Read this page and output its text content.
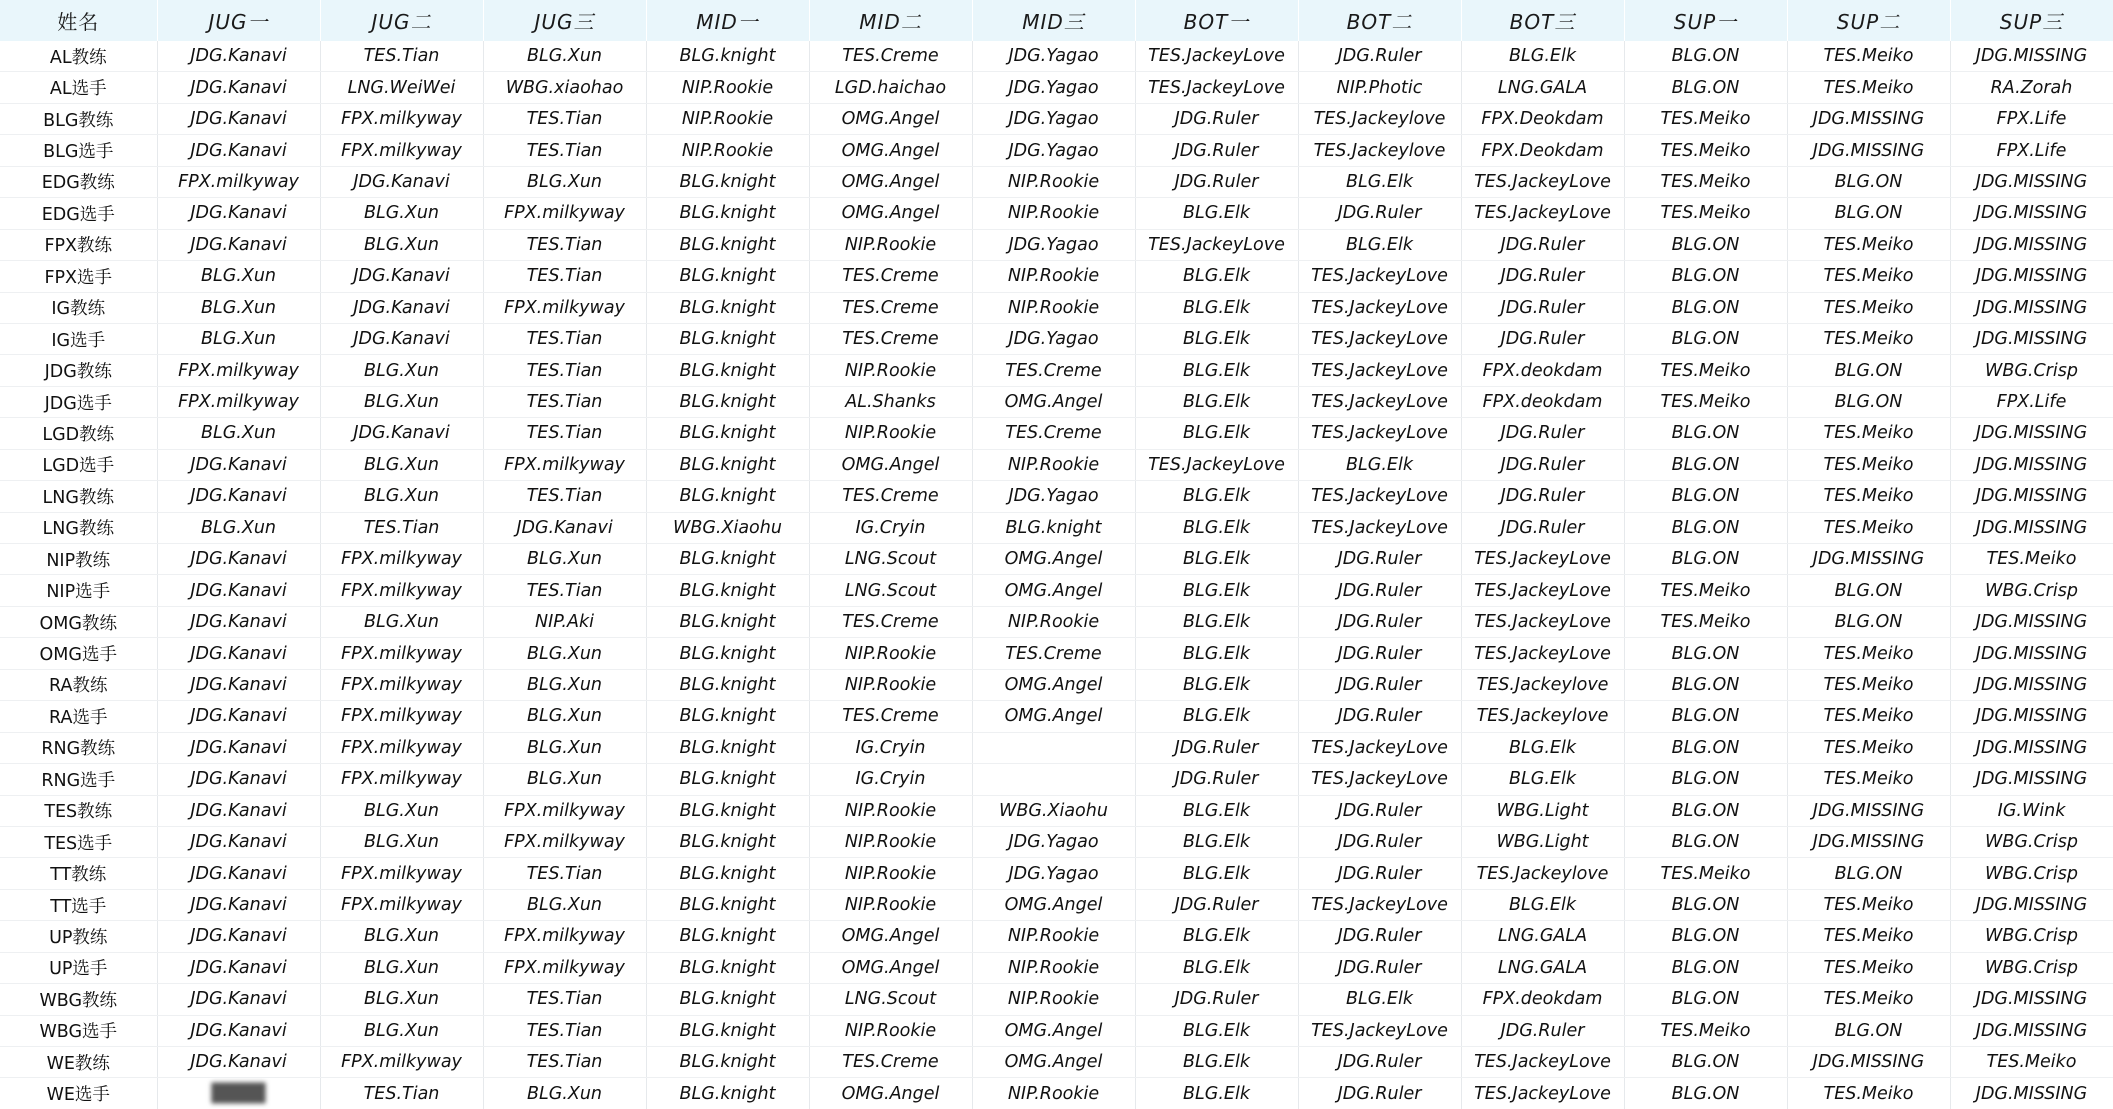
姓名	JUG一	JUG二	JUG三	MID一	MID二	MID三	BOT一	BOT二	BOT三	SUP一	SUP二	SUP三
AL教练	JDG.Kanavi	TES.Tian	BLG.Xun	BLG.knight	TES.Creme	JDG.Yagao	TES.JackeyLove	JDG.Ruler	BLG.Elk	BLG.ON	TES.Meiko	JDG.MISSING
AL选手	JDG.Kanavi	LNG.WeiWei	WBG.xiaohao	NIP.Rookie	LGD.haichao	JDG.Yagao	TES.JackeyLove	NIP.Photic	LNG.GALA	BLG.ON	TES.Meiko	RA.Zorah
BLG教练	JDG.Kanavi	FPX.milkyway	TES.Tian	NIP.Rookie	OMG.Angel	JDG.Yagao	JDG.Ruler	TES.Jackeylove	FPX.Deokdam	TES.Meiko	JDG.MISSING	FPX.Life
BLG选手	JDG.Kanavi	FPX.milkyway	TES.Tian	NIP.Rookie	OMG.Angel	JDG.Yagao	JDG.Ruler	TES.Jackeylove	FPX.Deokdam	TES.Meiko	JDG.MISSING	FPX.Life
EDG教练	FPX.milkyway	JDG.Kanavi	BLG.Xun	BLG.knight	OMG.Angel	NIP.Rookie	JDG.Ruler	BLG.Elk	TES.JackeyLove	TES.Meiko	BLG.ON	JDG.MISSING
EDG选手	JDG.Kanavi	BLG.Xun	FPX.milkyway	BLG.knight	OMG.Angel	NIP.Rookie	BLG.Elk	JDG.Ruler	TES.JackeyLove	TES.Meiko	BLG.ON	JDG.MISSING
FPX教练	JDG.Kanavi	BLG.Xun	TES.Tian	BLG.knight	NIP.Rookie	JDG.Yagao	TES.JackeyLove	BLG.Elk	JDG.Ruler	BLG.ON	TES.Meiko	JDG.MISSING
FPX选手	BLG.Xun	JDG.Kanavi	TES.Tian	BLG.knight	TES.Creme	NIP.Rookie	BLG.Elk	TES.JackeyLove	JDG.Ruler	BLG.ON	TES.Meiko	JDG.MISSING
IG教练	BLG.Xun	JDG.Kanavi	FPX.milkyway	BLG.knight	TES.Creme	NIP.Rookie	BLG.Elk	TES.JackeyLove	JDG.Ruler	BLG.ON	TES.Meiko	JDG.MISSING
IG选手	BLG.Xun	JDG.Kanavi	TES.Tian	BLG.knight	TES.Creme	JDG.Yagao	BLG.Elk	TES.JackeyLove	JDG.Ruler	BLG.ON	TES.Meiko	JDG.MISSING
JDG教练	FPX.milkyway	BLG.Xun	TES.Tian	BLG.knight	NIP.Rookie	TES.Creme	BLG.Elk	TES.JackeyLove	FPX.deokdam	TES.Meiko	BLG.ON	WBG.Crisp
JDG选手	FPX.milkyway	BLG.Xun	TES.Tian	BLG.knight	AL.Shanks	OMG.Angel	BLG.Elk	TES.JackeyLove	FPX.deokdam	TES.Meiko	BLG.ON	FPX.Life
LGD教练	BLG.Xun	JDG.Kanavi	TES.Tian	BLG.knight	NIP.Rookie	TES.Creme	BLG.Elk	TES.JackeyLove	JDG.Ruler	BLG.ON	TES.Meiko	JDG.MISSING
LGD选手	JDG.Kanavi	BLG.Xun	FPX.milkyway	BLG.knight	OMG.Angel	NIP.Rookie	TES.JackeyLove	BLG.Elk	JDG.Ruler	BLG.ON	TES.Meiko	JDG.MISSING
LNG教练	JDG.Kanavi	BLG.Xun	TES.Tian	BLG.knight	TES.Creme	JDG.Yagao	BLG.Elk	TES.JackeyLove	JDG.Ruler	BLG.ON	TES.Meiko	JDG.MISSING
LNG教练	BLG.Xun	TES.Tian	JDG.Kanavi	WBG.Xiaohu	IG.Cryin	BLG.knight	BLG.Elk	TES.JackeyLove	JDG.Ruler	BLG.ON	TES.Meiko	JDG.MISSING
NIP教练	JDG.Kanavi	FPX.milkyway	BLG.Xun	BLG.knight	LNG.Scout	OMG.Angel	BLG.Elk	JDG.Ruler	TES.JackeyLove	BLG.ON	JDG.MISSING	TES.Meiko
NIP选手	JDG.Kanavi	FPX.milkyway	TES.Tian	BLG.knight	LNG.Scout	OMG.Angel	BLG.Elk	JDG.Ruler	TES.JackeyLove	TES.Meiko	BLG.ON	WBG.Crisp
OMG教练	JDG.Kanavi	BLG.Xun	NIP.Aki	BLG.knight	TES.Creme	NIP.Rookie	BLG.Elk	JDG.Ruler	TES.JackeyLove	TES.Meiko	BLG.ON	JDG.MISSING
OMG选手	JDG.Kanavi	FPX.milkyway	BLG.Xun	BLG.knight	NIP.Rookie	TES.Creme	BLG.Elk	JDG.Ruler	TES.JackeyLove	BLG.ON	TES.Meiko	JDG.MISSING
RA教练	JDG.Kanavi	FPX.milkyway	BLG.Xun	BLG.knight	NIP.Rookie	OMG.Angel	BLG.Elk	JDG.Ruler	TES.Jackeylove	BLG.ON	TES.Meiko	JDG.MISSING
RA选手	JDG.Kanavi	FPX.milkyway	BLG.Xun	BLG.knight	TES.Creme	OMG.Angel	BLG.Elk	JDG.Ruler	TES.Jackeylove	BLG.ON	TES.Meiko	JDG.MISSING
RNG教练	JDG.Kanavi	FPX.milkyway	BLG.Xun	BLG.knight	IG.Cryin		JDG.Ruler	TES.JackeyLove	BLG.Elk	BLG.ON	TES.Meiko	JDG.MISSING
RNG选手	JDG.Kanavi	FPX.milkyway	BLG.Xun	BLG.knight	IG.Cryin		JDG.Ruler	TES.JackeyLove	BLG.Elk	BLG.ON	TES.Meiko	JDG.MISSING
TES教练	JDG.Kanavi	BLG.Xun	FPX.milkyway	BLG.knight	NIP.Rookie	WBG.Xiaohu	BLG.Elk	JDG.Ruler	WBG.Light	BLG.ON	JDG.MISSING	IG.Wink
TES选手	JDG.Kanavi	BLG.Xun	FPX.milkyway	BLG.knight	NIP.Rookie	JDG.Yagao	BLG.Elk	JDG.Ruler	WBG.Light	BLG.ON	JDG.MISSING	WBG.Crisp
TT教练	JDG.Kanavi	FPX.milkyway	TES.Tian	BLG.knight	NIP.Rookie	JDG.Yagao	BLG.Elk	JDG.Ruler	TES.Jackeylove	TES.Meiko	BLG.ON	WBG.Crisp
TT选手	JDG.Kanavi	FPX.milkyway	BLG.Xun	BLG.knight	NIP.Rookie	OMG.Angel	JDG.Ruler	TES.JackeyLove	BLG.Elk	BLG.ON	TES.Meiko	JDG.MISSING
UP教练	JDG.Kanavi	BLG.Xun	FPX.milkyway	BLG.knight	OMG.Angel	NIP.Rookie	BLG.Elk	JDG.Ruler	LNG.GALA	BLG.ON	TES.Meiko	WBG.Crisp
UP选手	JDG.Kanavi	BLG.Xun	FPX.milkyway	BLG.knight	OMG.Angel	NIP.Rookie	BLG.Elk	JDG.Ruler	LNG.GALA	BLG.ON	TES.Meiko	WBG.Crisp
WBG教练	JDG.Kanavi	BLG.Xun	TES.Tian	BLG.knight	LNG.Scout	NIP.Rookie	JDG.Ruler	BLG.Elk	FPX.deokdam	BLG.ON	TES.Meiko	JDG.MISSING
WBG选手	JDG.Kanavi	BLG.Xun	TES.Tian	BLG.knight	NIP.Rookie	OMG.Angel	BLG.Elk	TES.JackeyLove	JDG.Ruler	TES.Meiko	BLG.ON	JDG.MISSING
WE教练	JDG.Kanavi	FPX.milkyway	TES.Tian	BLG.knight	TES.Creme	OMG.Angel	BLG.Elk	JDG.Ruler	TES.JackeyLove	BLG.ON	JDG.MISSING	TES.Meiko
WE选手	████	TES.Tian	BLG.Xun	BLG.knight	OMG.Angel	NIP.Rookie	BLG.Elk	JDG.Ruler	TES.JackeyLove	BLG.ON	TES.Meiko	JDG.MISSING
